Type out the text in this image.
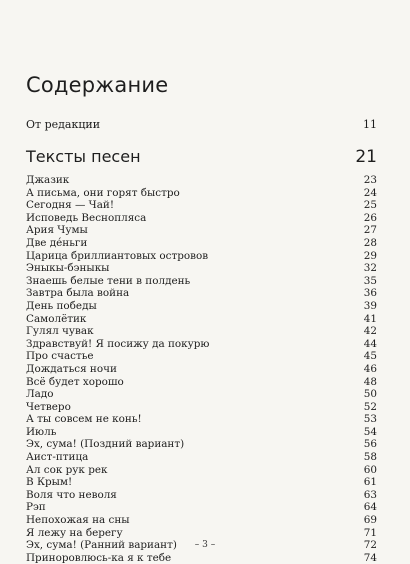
Содержание
От редакции	11
Тексты песен	21
Джазик	23
А письма, они горят быстро	24
Сегодня — Чай!	25
Исповедь Веснопляса	26
Ария Чумы	27
Две дéньги	28
Царица бриллиантовых островов	29
Эныкы-бэныкы	32
Знаешь белые тени в полдень	35
Завтра была война	36
День победы	39
Самолётик	41
Гулял чувак	42
Здравствуй! Я посижу да покурю	44
Про счастье	45
Дождаться ночи	46
Всё будет хорошо	48
Ладо	50
Четверо	52
А ты совсем не конь!	53
Июль	54
Эх, сума! (Поздний вариант)	56
Аист-птица	58
Ал сок рук рек	60
В Крым!	61
Воля что неволя	63
Рэп	64
Непохожая на сны	69
Я лежу на берегу	71
Эх, сума! (Ранний вариант)	72
Приноровлюсь-ка я к тебе	74
– 3 –
